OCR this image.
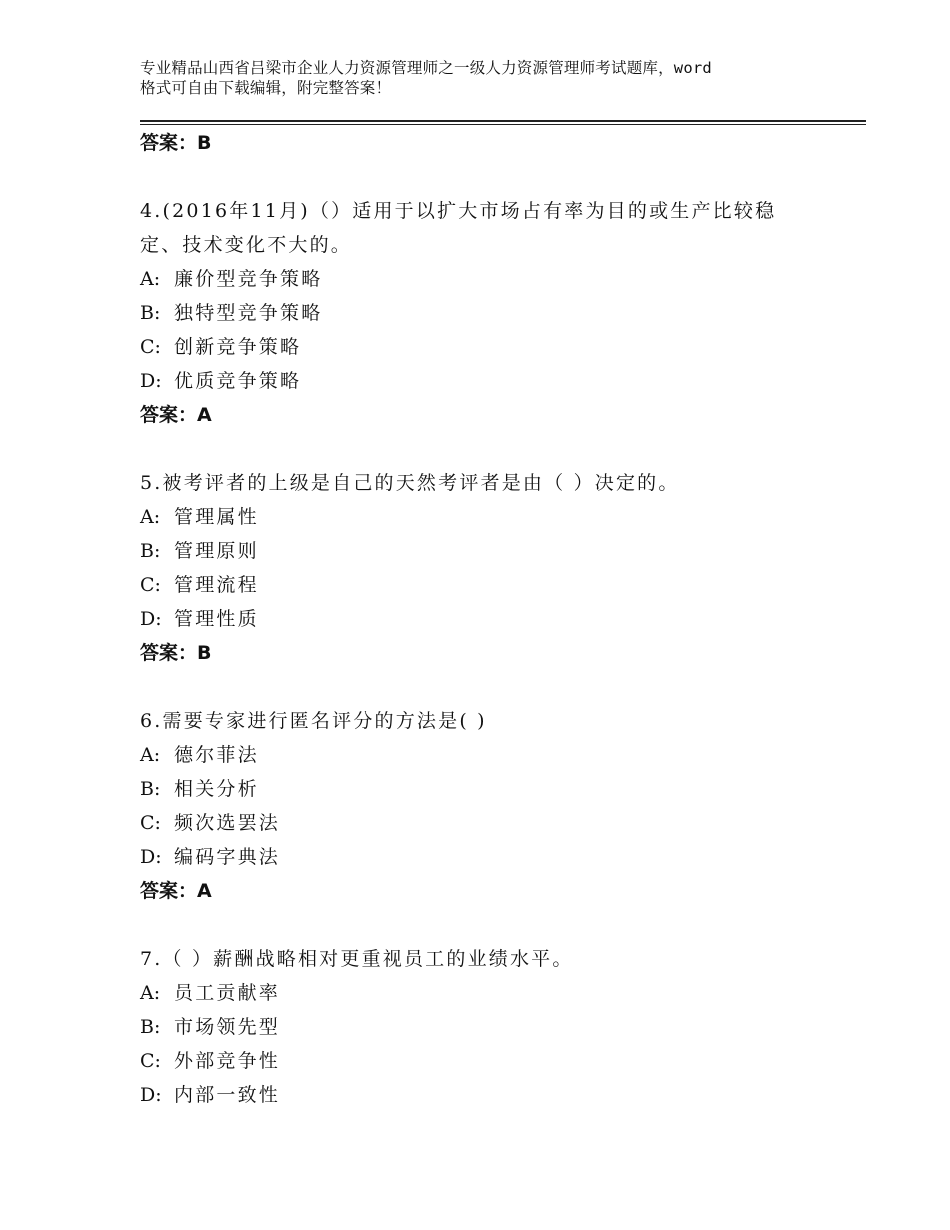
专业精品山西省吕梁市企业人力资源管理师之一级人力资源管理师考试题库，word
格式可自由下载编辑，附完整答案！
答案：B
4.(2016年11月)（）适用于以扩大市场占有率为目的或生产比较稳
定、技术变化不大的。
A: 廉价型竞争策略
B: 独特型竞争策略
C: 创新竞争策略
D: 优质竞争策略
答案：A
5.被考评者的上级是自己的天然考评者是由（ ）决定的。
A: 管理属性
B: 管理原则
C: 管理流程
D: 管理性质
答案：B
6.需要专家进行匿名评分的方法是( )
A: 德尔菲法
B: 相关分析
C: 频次选罢法
D: 编码字典法
答案：A
7.（ ）薪酬战略相对更重视员工的业绩水平。
A: 员工贡献率
B: 市场领先型
C: 外部竞争性
D: 内部一致性
